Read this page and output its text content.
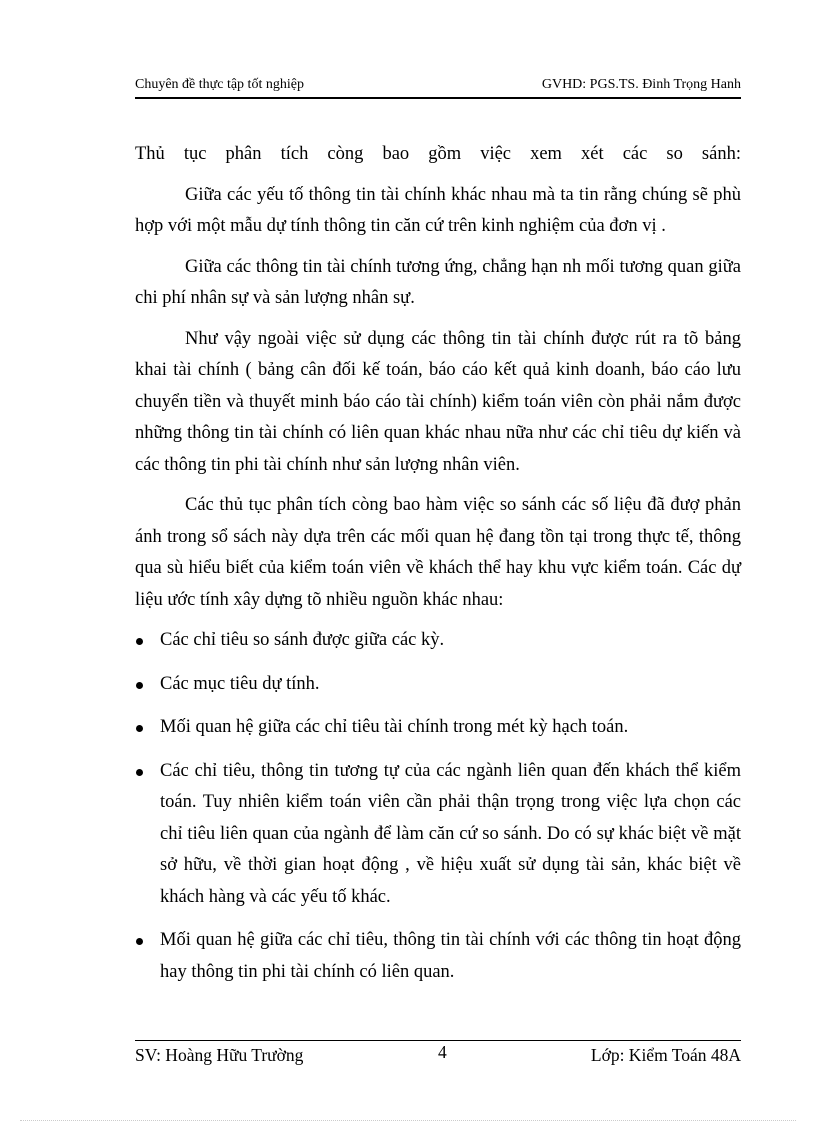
Chuyên đề thực tập tốt nghiệp	GVHD: PGS.TS. Đinh Trọng Hanh

Thủ tục phân tích còng bao gồm việc xem xét các so sánh:

Giữa các yếu tố thông tin tài chính khác nhau mà ta tin rằng chúng sẽ phù hợp với một mẫu dự tính thông tin căn cứ trên kinh nghiệm của đơn vị .

Giữa các thông tin tài chính tương ứng, chẳng hạn nh mối tương quan giữa chi phí nhân sự và sản lượng nhân sự.

Như vậy ngoài việc sử dụng các thông tin tài chính được rút ra tõ bảng khai tài chính ( bảng cân đối kế toán, báo cáo kết quả kinh doanh, báo cáo lưu chuyển tiền và thuyết minh báo cáo tài chính) kiểm toán viên còn phải nắm được những thông tin tài chính có liên quan khác nhau nữa như các chỉ tiêu dự kiến và các thông tin phi tài chính như sản lượng nhân viên.

Các thủ tục phân tích còng bao hàm việc so sánh các số liệu đã đượ phản ánh trong sổ sách này dựa trên các mối quan hệ đang tồn tại trong thực tế, thông qua sù hiểu biết của kiểm toán viên về khách thể hay khu vực kiểm toán. Các dự liệu ước tính xây dựng tõ nhiều nguồn khác nhau:

Các chỉ tiêu so sánh được giữa các kỳ.
Các mục tiêu dự tính.
Mối quan hệ giữa các chỉ tiêu tài chính trong mét kỳ hạch toán.
Các chỉ tiêu, thông tin tương tự của các ngành liên quan đến khách thể kiểm toán. Tuy nhiên kiểm toán viên cần phải thận trọng trong việc lựa chọn các chỉ tiêu liên quan của ngành để làm căn cứ so sánh. Do có sự khác biệt về mặt sở hữu, về thời gian hoạt động , về hiệu xuất sử dụng tài sản, khác biệt về khách hàng và các yếu tố khác.
Mối quan hệ giữa các chỉ tiêu, thông tin tài chính với các thông tin hoạt động hay thông tin phi tài chính có liên quan.
SV: Hoàng Hữu Trường	4	Lớp: Kiểm Toán 48A
